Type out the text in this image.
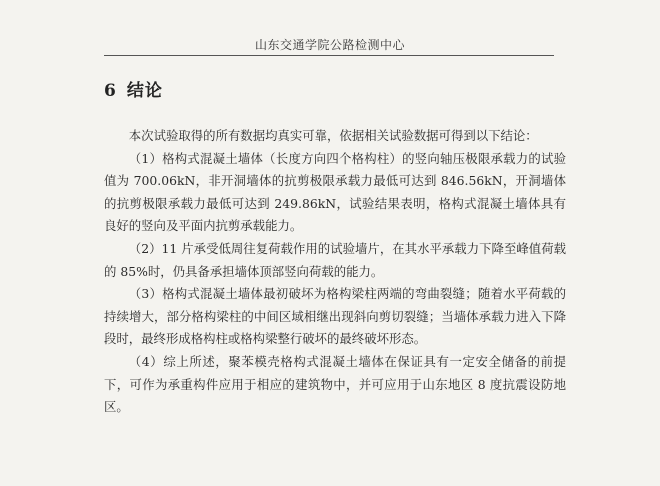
山东交通学院公路检测中心
6 结论

本次试验取得的所有数据均真实可靠，依据相关试验数据可得到以下结论：

（1）格构式混凝土墙体（长度方向四个格构柱）的竖向轴压极限承载力的试验值为 700.06kN，非开洞墙体的抗剪极限承载力最低可达到 846.56kN，开洞墙体的抗剪极限承载力最低可达到 249.86kN，试验结果表明，格构式混凝土墙体具有良好的竖向及平面内抗剪承载能力。

（2）11 片承受低周往复荷载作用的试验墙片，在其水平承载力下降至峰值荷载的 85%时，仍具备承担墙体顶部竖向荷载的能力。

（3）格构式混凝土墙体最初破坏为格构梁柱两端的弯曲裂缝；随着水平荷载的持续增大，部分格构梁柱的中间区域相继出现斜向剪切裂缝；当墙体承载力进入下降段时，最终形成格构柱或格构梁整行破坏的最终破坏形态。

（4）综上所述，聚苯模壳格构式混凝土墙体在保证具有一定安全储备的前提下，可作为承重构件应用于相应的建筑物中，并可应用于山东地区 8 度抗震设防地区。
